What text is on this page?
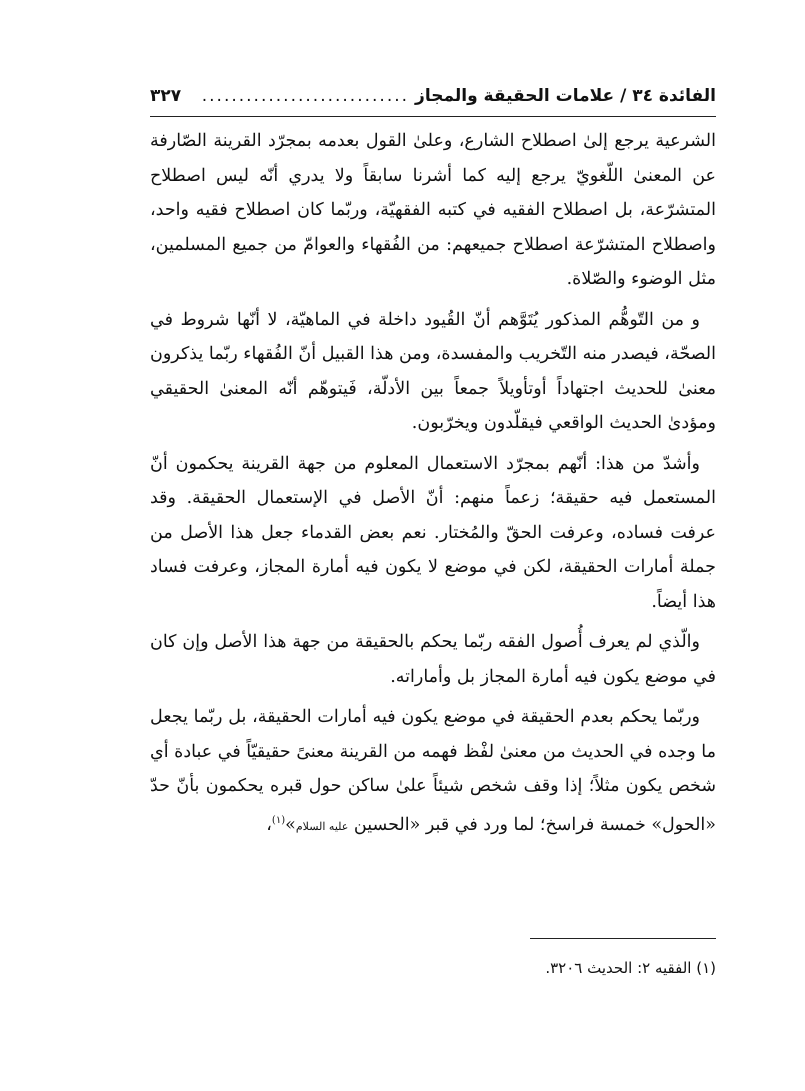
الفائدة ٣٤ / علامات الحقيقة والمجاز
............................
٣٢٧

الشرعية يرجع إلىٰ اصطلاح الشارع، وعلىٰ القول بعدمه بمجرّد القرينة الصّارفة عن المعنىٰ اللّغويّ يرجع إليه كما أشرنا سابقاً ولا يدري أنّه ليس اصطلاح المتشرّعة، بل اصطلاح الفقيه في كتبه الفقهيّة، وربّما كان اصطلاح فقيه واحد، واصطلاح المتشرّعة اصطلاح جميعهم: من الفُقهاء والعوامّ من جميع المسلمين، مثل الوضوء والصّلاة.

و من التّوهُّم المذكور يُتَوَّهم أنّ القُيود داخلة في الماهيّة، لا أنّها شروط في الصحّة، فيصدر منه التّخريب والمفسدة، ومن هذا القبيل أنّ الفُقهاء ربّما يذكرون معنىٰ للحديث اجتهاداً أوتأويلاً جمعاً بين الأدلّة، فَيتوهّم أنّه المعنىٰ الحقيقي ومؤدىٰ الحديث الواقعي فيقلّدون ويخرّبون.

وأشدّ من هذا: أنّهم بمجرّد الاستعمال المعلوم من جهة القرينة يحكمون أنّ المستعمل فيه حقيقة؛ زعماً منهم: أنّ الأصل في الإستعمال الحقيقة. وقد عرفت فساده، وعرفت الحقّ والمُختار. نعم بعض القدماء جعل هذا الأصل من جملة أمارات الحقيقة، لكن في موضع لا يكون فيه أمارة المجاز، وعرفت فساد هذا أيضاً.

والّذي لم يعرف أُصول الفقه ربّما يحكم بالحقيقة من جهة هذا الأصل وإن كان في موضع يكون فيه أمارة المجاز بل وأماراته.

وربّما يحكم بعدم الحقيقة في موضع يكون فيه أمارات الحقيقة، بل ربّما يجعل ما وجده في الحديث من معنىٰ لفْظ فهمه من القرينة معنىً حقيقيّاً في عبادة أي شخص يكون مثلاً؛ إذا وقف شخص شيئاً علىٰ ساكن حول قبره يحكمون بأنّ حدّ «الحول» خمسة فراسخ؛ لما ورد في قبر «الحسين عليه السلام»$^{(١)}$،

(١) الفقيه ٢: الحديث ٣٢٠٦.
